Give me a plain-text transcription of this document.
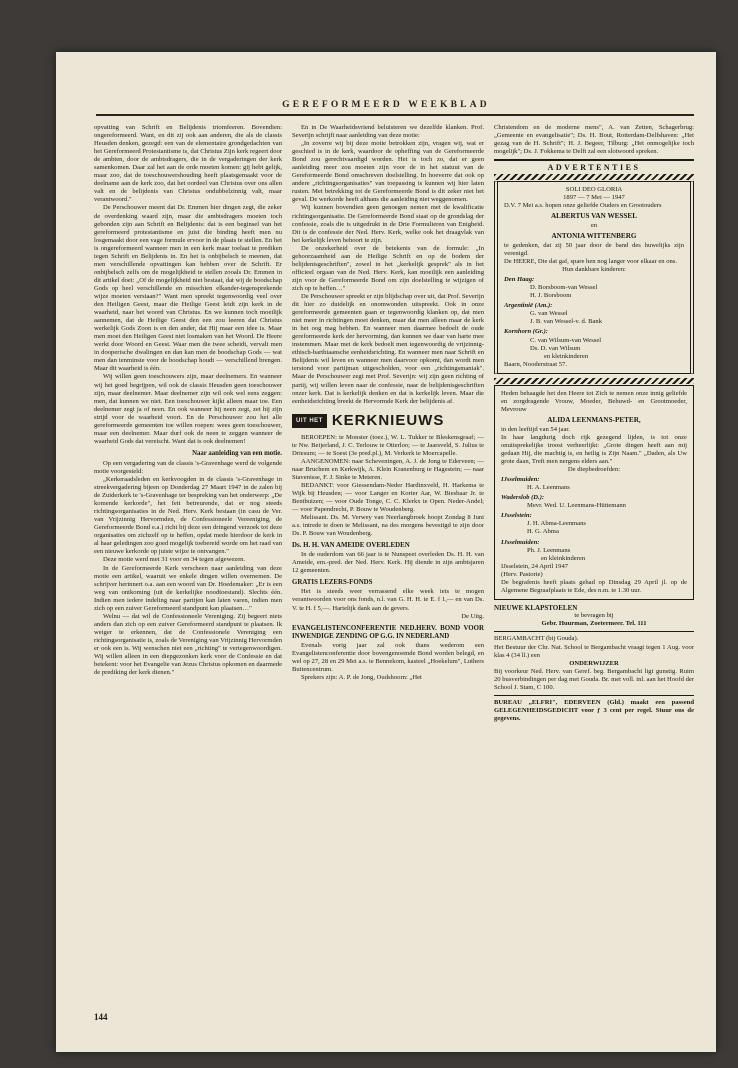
GEREFORMEERD WEEKBLAD

opvatting van Schrift en Belijdenis triomfeeren. Bovendien: ongereformeerd. Want, en dit zij ook aan anderen, die als de classis Heusden denken, gezegd: een van de elementaire grondgedachten van het Gereformeerd Protestantisme is, dat Christus Zijn kerk regeert door de ambten, door de ambtsdragers, die in de vergaderingen der kerk samenkomen. Daar zal het aan de orde moeten komen: gij hebt gelijk, maar zoo, dat de toeschouwershouding heeft plaatsgemaakt voor de deelname aan de kerk zoo, dat het oordeel van Christus over ons allen valt en de belijdenis van Christus ondubbelzinnig valt, maar verantwoord."

De Perschouwer meent dat Dr. Emmen hier dingen zegt, die zeker de overdenking waard zijn, maar die ambtsdragers moeten toch gebonden zijn aan Schrift en Belijdenis: dat is een beginsel van het gereformeerd protestantisme en juist die binding heeft men nu losgemaakt door een vage formule ervoor in de plaats te stellen. En het is ongereformeerd wanneer men in een kerk maar toelaat te prediken tegen Schrift en Belijdenis in. En het is onbijbelsch te meenen, dat men verschillende opvattingen kan hebben over de Schrift. Er onbijbelsch zelfs om de mogelijkheid te stellen zooals Dr. Emmen in dit artikel doet: „Of de mogelijkheid niet bestaat, dat wij de boodschap Gods op heel verschillende en misschien elkander-tegensprekende wijze moeten verstaan?" Want men spreekt tegenwoordig veel over den Heiligen Geest, maar die Heilige Geest leidt zijn kerk in de waarheid, naar het woord van Christus. En we kunnen toch moeilijk aannemen, dat de Heilige Geest den een zou leeren dat Christus werkelijk Gods Zoon is en den ander, dat Hij maar een idee is. Maar men moet den Heiligen Geest niet losmaken van het Woord. De Heere werkt door Woord en Geest. Waar men die twee scheidt, vervalt men in dooperische dwalingen en dan kan men de boodschap Gods — wat men dan tenminste voor de boodschap houdt — verschillend brengen. Maar dit waarheid is één.

Wij willen geen toeschouwers zijn, maar deelnemers. En wanneer wij het goed begrijpen, wil ook de classis Heusden geen toeschouwer zijn, maar deelnemer. Maar deelnemer zijn wil ook wel eens zeggen: men, dat kunnen we niet. Een toeschouwer kijkt alleen maar toe. Een deelnemer zegt ja of neen. En ook wanneer hij neen zegt, zet hij zijn strijd voor de waarheid voort. En de Perschouwer zou het alle gereformeerde gemeenten toe willen roepen: wees geen toeschouwer, maar een deelnemer. Maar durf ook de neen te zeggen wanneer de waarheid Gods dat vereischt. Want dat is ook deelnemen!

Naar aanleiding van een motie.

Op een vergadering van de classis 's-Gravenhage werd de volgende motie voorgesteld:

„Kerkeraadsleden en kerkvoogden in de classis 's-Gravenhage in streekvergadering bijeen op Donderdag 27 Maart 1947 in de zalen bij de Zuiderkerk te 's-Gravenhage ter bespreking van het onderwerp: „De komende kerkorde", het feit betreurende, dat er nog steeds richtingsorganisaties in de Ned. Herv. Kerk bestaan (in casu de Ver. van Vrijzinnig Hervormden, de Confessioneele Vereeniging, de Gereformeerde Bond e.a.) richt bij deze een dringend verzoek tot deze organisaties om zichzelf op te heffen, opdat mede hierdoor de kerk in al haar geledingen zoo goed mogelijk toebereid worde om het raad van een nieuwe kerkorde op juiste wijze te ontvangen."

Deze motie werd met 31 voor en 34 tegen afgewezen.

In de Gereformeerde Kerk verscheen naar aanleiding van deze motie een artikel, waaruit we enkele dingen willen overnemen. De schrijver herinnert o.a. aan een woord van Dr. Hoedemaker: „Er is een weg van ontkoming (uit de kerkelijke noodtoestand). Slechts één. Indien men iedere indeling naar partijen kan laten varen, indien men zich op een zuiver Gereformeerd standpunt kan plaatsen…"

Welnu — dat wil de Confessioneele Vereniging. Zij begeert niets anders dan zich op een zuiver Gereformeerd standpunt te plaatsen. Ik weiger te erkennen, dat de Confessionele Vereniging een richtingsorganisatie is, zoals de Vereniging van Vrijzinnig Hervormden er ook een is. Wij wenschen niet een „richting" te vertegenwoordigen. Wij willen alleen in een diepgezonken kerk voor de Confessie en dat betekent: voor het Evangelie van Jezus Christus opkomen en daarmede de prediking der kerk dienen."

En in De Waarheidsvriend beluisteren we dezelfde klanken. Prof. Severijn schrijft naar aanleiding van deze motie:

„In zoverre wij bij deze motie betrokken zijn, vragen wij, wat er geschied is in de kerk, waardoor de opheffing van de Gereformeerde Bond zou gerechtvaardigd worden. Het is toch zo, dat er geen aanleiding meer zou moeten zijn voor de in het statuut van de Gereformeerde Bond omschreven doelstelling. In hoeverre dat ook op andere „richtingsorganisaties" van toepassing is kunnen wij hier laten rusten. Met betrekking tot de Gereformeerde Bond is dit zeker niet het geval. De werkorde heeft althans die aanleiding niet weggenomen.

Wij kunnen bovendien geen genoegen nemen met de kwalificatie richtingsorganisatie. De Gereformeerde Bond staat op de grondslag der confessie, zoals die is uitgedrukt in de Drie Formulieren van Enigheid. Dit is de confessie der Ned. Herv. Kerk, welke ook het draagvlak van het kerkelijk leven behoort te zijn.

De onzekerheid over de betekenis van de formule: „In gehoorzaamheid aan de Heilige Schrift en op de bodem der belijdenisgeschriften", zowel in het „kerkelijk gesprek" als in het officieel orgaan van de Ned. Herv. Kerk, kan moeilijk een aanleiding zijn voor de Gereformeerde Bond om zijn doelstelling te wijzigen of zich op te heffen…"

De Perschouwer spreekt er zijn blijdschap over uit, dat Prof. Severijn dit hier zo duidelijk en onomwonden uitspreekt. Ook in onze gereformeerde gemeenten gaan er tegenwoordig klanken op, dat men niet meer in richtingen moet denken, maar dat men alleen maar de kerk in het oog mag hebben. En wanneer men daarmee bedoelt de oude gereformeerde kerk der hervorming, dan kunnen we daar van harte mee instemmen. Maar met de kerk bedoelt men tegenwoordig de vrijzinnig-ethisch-barthiaansche eenheidsrichting. En wanneer men naar Schrift en Belijdenis wil leven en wanneer men daarvoor opkomt, dan wordt men terstond voor partijman uitgescholden, voor een „richtingsmaniak". Maar de Perschouwer zegt met Prof. Severijn: wij zijn geen richting of partij, wij willen leven naar de confessie, naar de belijdenisgeschriften onzer kerk. Dat is kerkelijk denken en dat is kerkelijk leven. Maar die eenheidsrichting breekt de Hervormde Kerk der belijdenis af.

UIT HET KERKNIEUWS

BEROEPEN: te Monster (toez.), W. L. Tukker te Bleskensgraaf; — te Nw. Beijerland, J. C. Terlouw te Otterloo; — te Jaarsveld, S. Julius te Driesum; — te Soest (3e pred.pl.), M. Verkerk te Moercapelle.

AANGENOMEN: naar Scheveningen, A. J. de Jong te Ederveen; — naar Bruchem en Kerkwijk, A. Klein Kranenburg te Hagestein; — naar Stavenisse, F. J. Sinke te Meteren.

BEDANKT: voor Giessendam-Neder Hardinxveld, H. Harkema te Wijk bij Heusden; — voor Langer en Korter Aar, W. Biesbaar Jr. te Bentbuizen; — voor Oude Tonge, C. C. Klerkx te Open. Neder-Andel; — voor Papendrecht, P. Bouw te Woudenberg.

Melissant. Ds. M. Verwey van Neerlangbroek hoopt Zondag 8 Juni a.s. intrede te doen te Melissant, na des morgens bevestigd te zijn door Ds. P. Bouw van Woudenberg.

Ds. H. H. VAN AMEIDE OVERLEDEN

In de ouderdom van 66 jaar is te Nunspeet overleden Ds. H. H. van Ameide, em.-pred. der Ned. Herv. Kerk. Hij diende in zijn ambtsjaren 12 gemeenten.

GRATIS LEZERS-FONDS

Het is steeds weer verrassend elke week iets te mogen verantwoorden voor ons fonds, n.l. van G. H. H. te E. f 1,— en van Ds. V. te H. f 5,—. Hartelijk dank aan de gevers.

De Uitg.
EVANGELISTENCONFERENTIE NED.HERV. BOND VOOR INWENDIGE ZENDING OP G.G. IN NEDERLAND

Evenals vorig jaar zal ook thans wederom een Evangelistenconferentie door bovengenoemde Bond worden belegd, en wel op 27, 28 en 29 Mei a.s. te Bennekom, kasteel „Hoekelum", Luthers Buitencentrum.

Sprekers zijn: A. P. de Jong, Oudshoorn: „Het

Christendom en de moderne mens", A. van Zetten, Schagerbrug: „Gemeente en evangelisatie"; Ds. H. Bout, Rotterdam-Delfshaven: „Het gezag van de H. Schrift"; H. J. Begeer, Tilburg: „Het onmogelijke toch mogelijk"; Ds. J. Fokkema te Delft zal een slotwoord spreken.

ADVERTENTIES

SOLI DEO GLORIA

1897 — 7 Mei — 1947

D.V. 7 Mei a.s. hopen onze geliefde Ouders en Grootouders

ALBERTUS VAN WESSEL

en

ANTONIA WITTENBERG

te gedenken, dat zij 50 jaar door de band des huwelijks zijn verenigd.

De HEERE, Die dat gaf, spare hen nog langer voor elkaar en ons.

Hun dankbare kinderen:

Den Haag:

D. Borsboom-van Wessel

H. J. Borsboom

Argentinië (Am.):

G. van Wessel

J. B. van Wessel-v. d. Bank

Kornhorn (Gr.):

C. van Wilsum-van Wessel

Ds. D. van Wilsum

en kleinkinderen

Baarn, Nooderstraat 57.

Heden behaagde het den Heere tot Zich te nemen onze innig geliefde en zorgdragende Vrouw, Moeder, Behuwd- en Grootmoeder, Mevrouw

ALIDA LEENMANS-PETER,

in den leeftijd van 54 jaar.

In haar langdurig doch rijk gezegend lijden, is tot onze onuitsprekelijke troost verheerlijkt: „Grote dingen heeft aan mij gedaan Hij, die machtig is, en heilig is Zijn Naam." „Daden, als Uw grote daan, Treft men nergens elders aan."

De diepbedroefden:

IJsselmuiden:

H. A. Leenmans

Waderslob (D.):

Mevr. Wed. U. Leenmans-Hüttemann

IJsselstein:

J. H. Abma-Leenmans

H. G. Abma

IJsselmuiden:

Ph. J. Leenmans

en kleinkinderen

IJsselstein, 24 April 1947

(Herv. Pastorie)

De begrafenis heeft plaats gehad op Dinsdag 29 April jl. op de Algemene Begraafplaats te Ede, des n.m. te 1.30 uur.

NIEUWE KLAPSTOELEN

te bevragen bij

Gebr. Huurman, Zoetermeer. Tel. 111

BERGAMBACHT (bij Gouda).

Het Bestuur der Chr. Nat. School te Bergambacht vraagt tegen 1 Aug. voor klas 4 (34 ll.) een

ONDERWIJZER

Bij voorkeur Ned. Herv. van Geref. beg. Bergambacht ligt gunstig. Ruim 20 busverbindingen per dag met Gouda. Br. met voll. inl. aan het Hoofd der School J. Stam, C 100.

BUREAU „ELFRI", EDERVEEN (Gld.) maakt een passend GELEGENHEIDSGEDICHT voor ƒ 3 cent per regel. Stuur ons de gegevens.

144
